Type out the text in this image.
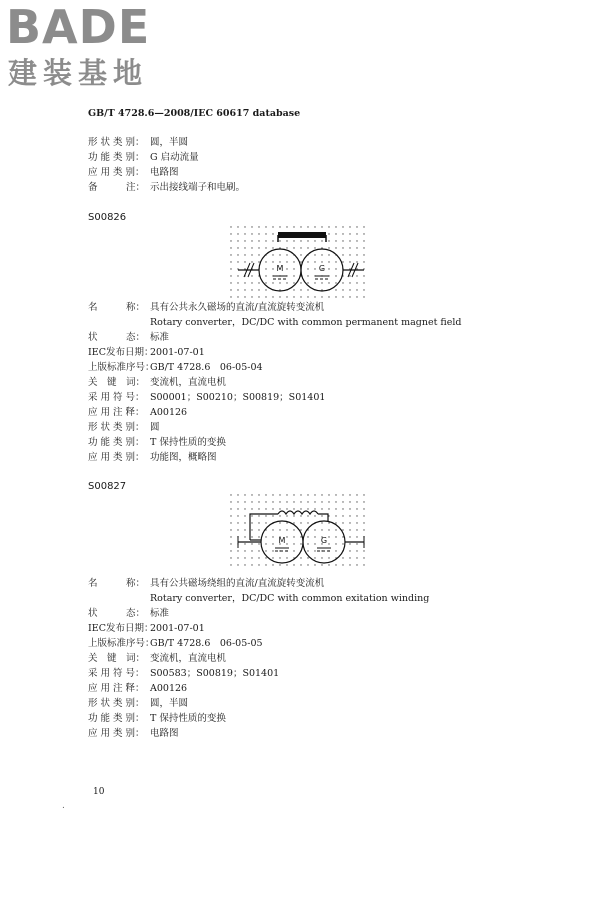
BADE
建装基地
GB/T 4728.6—2008/IEC 60617 database
形 状 类 别： 圆，半圆
功 能 类 别： G 启动流量
应 用 类 别： 电路图
备　　　注： 示出接线端子和电刷。
S00826
M	G
名　　　称： 具有公共永久磁场的直流/直流旋转变流机
Rotary converter，DC/DC with common permanent magnet field
状　　　态： 标准
IEC发布日期：
2001-07-01
上版标准序号：
GB/T 4728.6　06-05-04
关　键　词： 变流机，直流电机
采 用 符 号： S00001；S00210；S00819；S01401
应 用 注 释： A00126
形 状 类 别： 圆
功 能 类 别： T 保持性质的变换
应 用 类 别： 功能图，概略图
S00827
M	G
名　　　称： 具有公共磁场绕组的直流/直流旋转变流机
Rotary converter，DC/DC with common exitation winding
状　　　态： 标准
IEC发布日期：
2001-07-01
上版标准序号：
GB/T 4728.6　06-05-05
关　键　词： 变流机，直流电机
采 用 符 号： S00583；S00819；S01401
应 用 注 释： A00126
形 状 类 别： 圆，半圆
功 能 类 别： T 保持性质的变换
应 用 类 别： 电路图
10
.
